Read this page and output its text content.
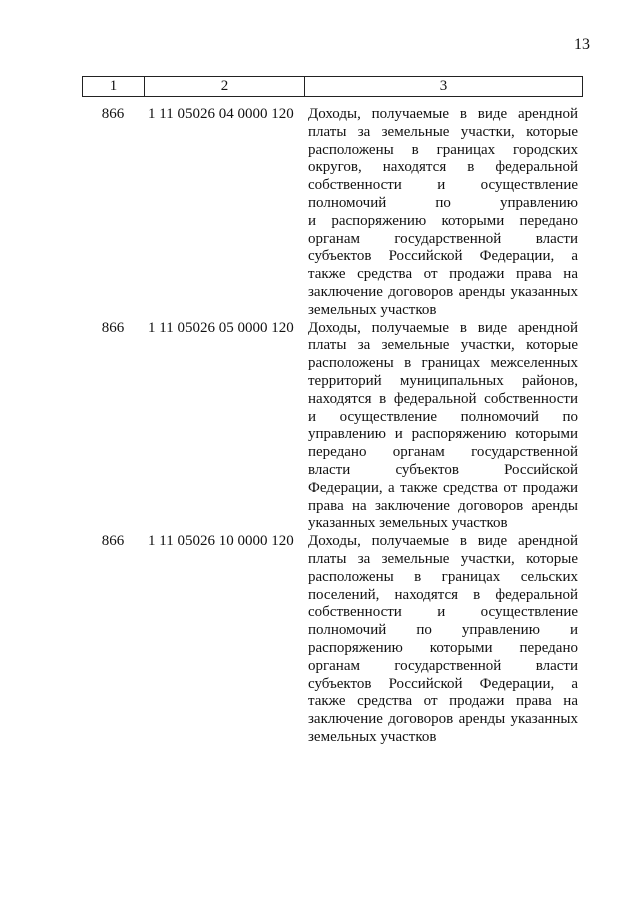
13
1	2	3
866	1 11 05026 04 0000 120 Доходы, получаемые в виде арендной
платы за земельные участки, которые
расположены в границах городских
округов, находятся в федеральной
собственности и осуществление
полномочий по управлению
и распоряжению которыми передано
органам государственной власти
субъектов Российской Федерации, а
также средства от продажи права на
заключение договоров аренды указанных
земельных участков
866	1 11 05026 05 0000 120 Доходы, получаемые в виде арендной
платы за земельные участки, которые
расположены в границах межселенных
территорий муниципальных районов,
находятся в федеральной собственности
и осуществление полномочий по
управлению и распоряжению которыми
передано органам государственной
власти субъектов Российской
Федерации, а также средства от продажи
права на заключение договоров аренды
указанных земельных участков
866	1 11 05026 10 0000 120 Доходы, получаемые в виде арендной
платы за земельные участки, которые
расположены в границах сельских
поселений, находятся в федеральной
собственности и осуществление
полномочий по управлению и
распоряжению которыми передано
органам государственной власти
субъектов Российской Федерации, а
также средства от продажи права на
заключение договоров аренды указанных
земельных участков
